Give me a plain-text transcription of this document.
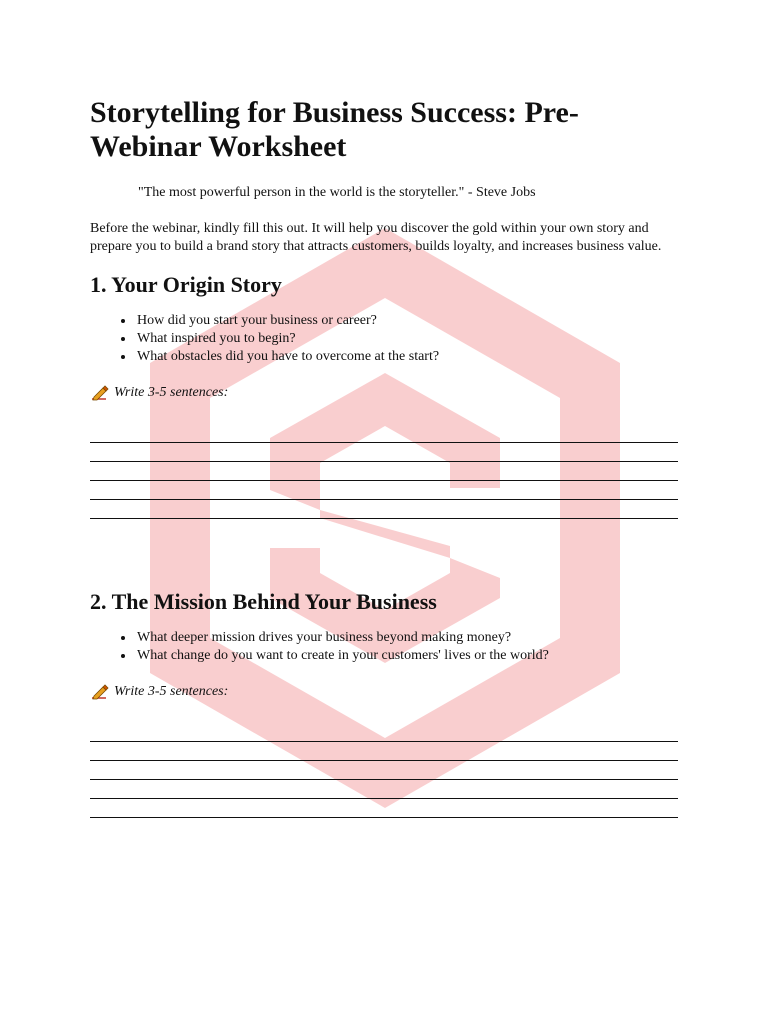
Storytelling for Business Success: Pre-Webinar Worksheet
"The most powerful person in the world is the storyteller." - Steve Jobs
Before the webinar, kindly fill this out. It will help you discover the gold within your own story and prepare you to build a brand story that attracts customers, builds loyalty, and increases business value.
1. Your Origin Story
• How did you start your business or career?
• What inspired you to begin?
• What obstacles did you have to overcome at the start?
Write 3-5 sentences:
2. The Mission Behind Your Business
• What deeper mission drives your business beyond making money?
• What change do you want to create in your customers' lives or the world?
Write 3-5 sentences:
